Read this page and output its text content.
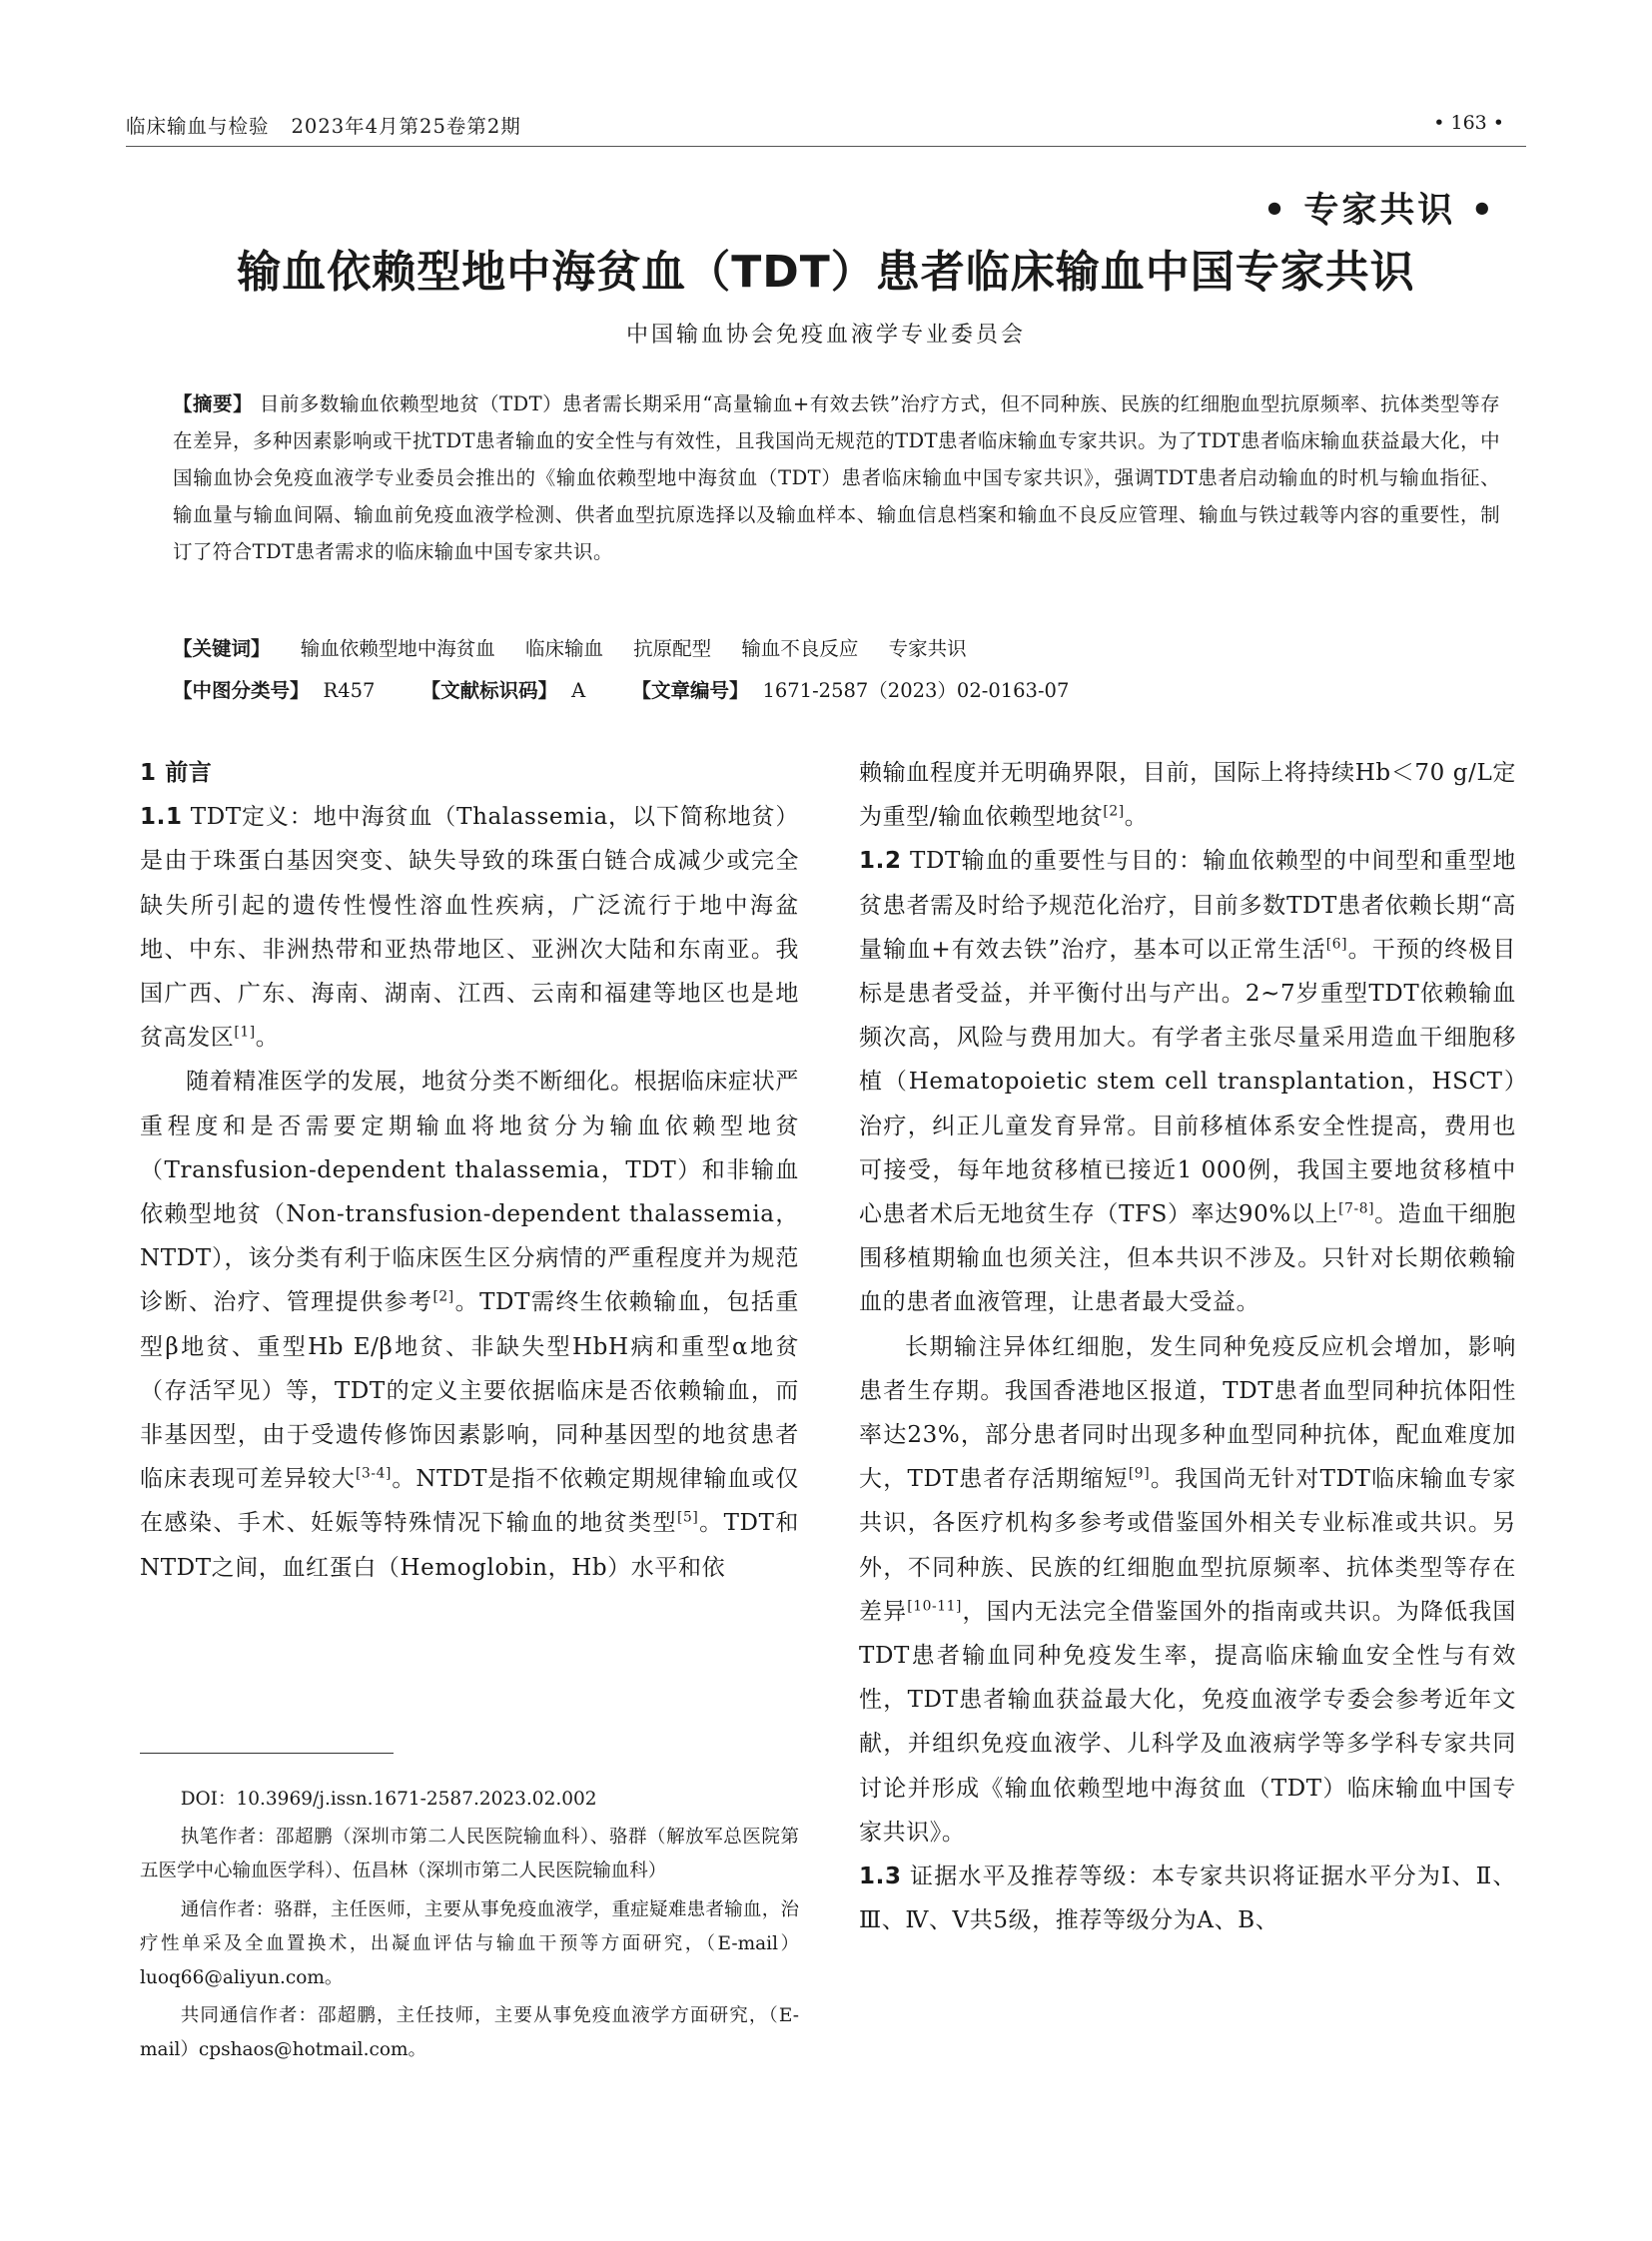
临床输血与检验 2023年4月第25卷第2期	• 163 •
• 专家共识 •
输血依赖型地中海贫血（TDT）患者临床输血中国专家共识
中国输血协会免疫血液学专业委员会
【摘要】 目前多数输血依赖型地贫（TDT）患者需长期采用“高量输血+有效去铁”治疗方式，但不同种族、民族的红细胞血型抗原频率、抗体类型等存在差异，多种因素影响或干扰TDT患者输血的安全性与有效性，且我国尚无规范的TDT患者临床输血专家共识。为了TDT患者临床输血获益最大化，中国输血协会免疫血液学专业委员会推出的《输血依赖型地中海贫血（TDT）患者临床输血中国专家共识》，强调TDT患者启动输血的时机与输血指征、输血量与输血间隔、输血前免疫血液学检测、供者血型抗原选择以及输血样本、输血信息档案和输血不良反应管理、输血与铁过载等内容的重要性，制订了符合TDT患者需求的临床输血中国专家共识。
【关键词】 输血依赖型地中海贫血 临床输血 抗原配型 输血不良反应 专家共识
【中图分类号】 R457 【文献标识码】 A 【文章编号】 1671-2587（2023）02-0163-07

1 前言

1.1 TDT定义：地中海贫血（Thalassemia，以下简称地贫）是由于珠蛋白基因突变、缺失导致的珠蛋白链合成减少或完全缺失所引起的遗传性慢性溶血性疾病，广泛流行于地中海盆地、中东、非洲热带和亚热带地区、亚洲次大陆和东南亚。我国广西、广东、海南、湖南、江西、云南和福建等地区也是地贫高发区[1]。

随着精准医学的发展，地贫分类不断细化。根据临床症状严重程度和是否需要定期输血将地贫分为输血依赖型地贫（Transfusion-dependent thalassemia，TDT）和非输血依赖型地贫（Non-transfusion-dependent thalassemia，NTDT），该分类有利于临床医生区分病情的严重程度并为规范诊断、治疗、管理提供参考[2]。TDT需终生依赖输血，包括重型β地贫、重型Hb E/β地贫、非缺失型HbH病和重型α地贫（存活罕见）等，TDT的定义主要依据临床是否依赖输血，而非基因型，由于受遗传修饰因素影响，同种基因型的地贫患者临床表现可差异较大[3-4]。NTDT是指不依赖定期规律输血或仅在感染、手术、妊娠等特殊情况下输血的地贫类型[5]。TDT和NTDT之间，血红蛋白（Hemoglobin，Hb）水平和依

DOI：10.3969/j.issn.1671-2587.2023.02.002

执笔作者：邵超鹏（深圳市第二人民医院输血科）、骆群（解放军总医院第五医学中心输血医学科）、伍昌林（深圳市第二人民医院输血科）

通信作者：骆群，主任医师，主要从事免疫血液学，重症疑难患者输血，治疗性单采及全血置换术，出凝血评估与输血干预等方面研究，（E-mail）luoq66@aliyun.com。

共同通信作者：邵超鹏，主任技师，主要从事免疫血液学方面研究，（E-mail）cpshaos@hotmail.com。

赖输血程度并无明确界限，目前，国际上将持续Hb＜70 g/L定为重型/输血依赖型地贫[2]。

1.2 TDT输血的重要性与目的：输血依赖型的中间型和重型地贫患者需及时给予规范化治疗，目前多数TDT患者依赖长期“高量输血+有效去铁”治疗，基本可以正常生活[6]。干预的终极目标是患者受益，并平衡付出与产出。2~7岁重型TDT依赖输血频次高，风险与费用加大。有学者主张尽量采用造血干细胞移植（Hematopoietic stem cell transplantation，HSCT）治疗，纠正儿童发育异常。目前移植体系安全性提高，费用也可接受，每年地贫移植已接近1 000例，我国主要地贫移植中心患者术后无地贫生存（TFS）率达90%以上[7-8]。造血干细胞围移植期输血也须关注，但本共识不涉及。只针对长期依赖输血的患者血液管理，让患者最大受益。

长期输注异体红细胞，发生同种免疫反应机会增加，影响患者生存期。我国香港地区报道，TDT患者血型同种抗体阳性率达23%，部分患者同时出现多种血型同种抗体，配血难度加大，TDT患者存活期缩短[9]。我国尚无针对TDT临床输血专家共识，各医疗机构多参考或借鉴国外相关专业标准或共识。另外，不同种族、民族的红细胞血型抗原频率、抗体类型等存在差异[10-11]，国内无法完全借鉴国外的指南或共识。为降低我国TDT患者输血同种免疫发生率，提高临床输血安全性与有效性，TDT患者输血获益最大化，免疫血液学专委会参考近年文献，并组织免疫血液学、儿科学及血液病学等多学科专家共同讨论并形成《输血依赖型地中海贫血（TDT）临床输血中国专家共识》。

1.3 证据水平及推荐等级：本专家共识将证据水平分为Ⅰ、Ⅱ、Ⅲ、Ⅳ、Ⅴ共5级，推荐等级分为A、B、
